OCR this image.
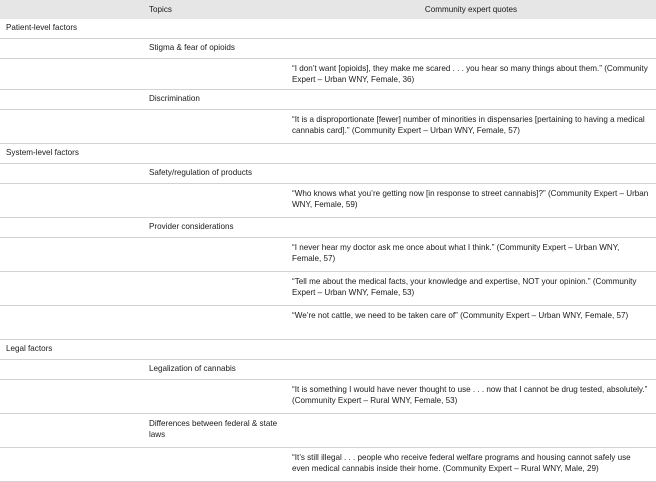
	Topics	Community expert quotes
Patient-level factors		
	Stigma & fear of opioids	
		“I don’t want [opioids], they make me scared . . . you hear so many things about them.” (Community Expert – Urban WNY, Female, 36)
	Discrimination	
		“It is a disproportionate [fewer] number of minorities in dispensaries [pertaining to having a medical cannabis card].” (Community Expert – Urban WNY, Female, 57)
System-level factors		
	Safety/regulation of products	
		“Who knows what you’re getting now [in response to street cannabis]?” (Community Expert – Urban WNY, Female, 59)
	Provider considerations	
		“I never hear my doctor ask me once about what I think.” (Community Expert – Urban WNY, Female, 57)
		“Tell me about the medical facts, your knowledge and expertise, NOT your opinion.” (Community Expert – Urban WNY, Female, 53)
		“We’re not cattle, we need to be taken care of” (Community Expert – Urban WNY, Female, 57)
Legal factors		
	Legalization of cannabis	
		“It is something I would have never thought to use . . . now that I cannot be drug tested, absolutely.” (Community Expert – Rural WNY, Female, 53)
	Differences between federal & state laws	
		“It’s still illegal . . . people who receive federal welfare programs and housing cannot safely use even medical cannabis inside their home. (Community Expert – Rural WNY, Male, 29)
